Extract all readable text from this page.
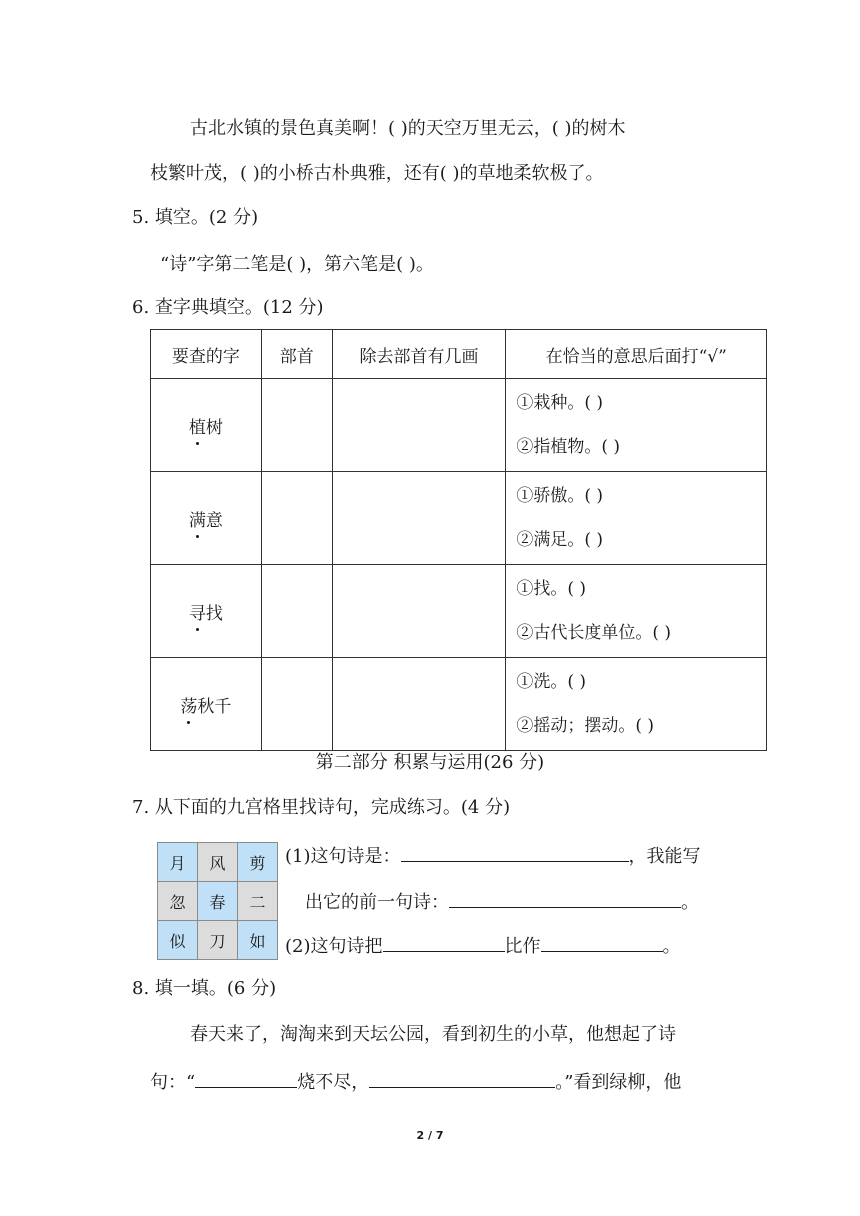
古北水镇的景色真美啊！( )的天空万里无云，( )的树木
枝繁叶茂，( )的小桥古朴典雅，还有( )的草地柔软极了。
5. 填空。(2 分)
“诗”字第二笔是( )，第六笔是( )。
6. 查字典填空。(12 分)
要查的字	部首	除去部首有几画	在恰当的意思后面打“√”
植树			①栽种。( )
②指植物。( )

满意			①骄傲。( )
②满足。( )

寻找			①找。( )
②古代长度单位。( )

荡秋千			①洗。( )
②摇动；摆动。( )
第二部分 积累与运用(26 分)
7. 从下面的九宫格里找诗句，完成练习。(4 分)
月	风	剪
忽	春	二
似	刀	如
(1)这句诗是：	，我能写
出它的前一句诗：	。
(2)这句诗把	比作	。
8. 填一填。(6 分)
春天来了，淘淘来到天坛公园，看到初生的小草，他想起了诗
句：“	烧不尽，	。”看到绿柳，他
2 / 7
